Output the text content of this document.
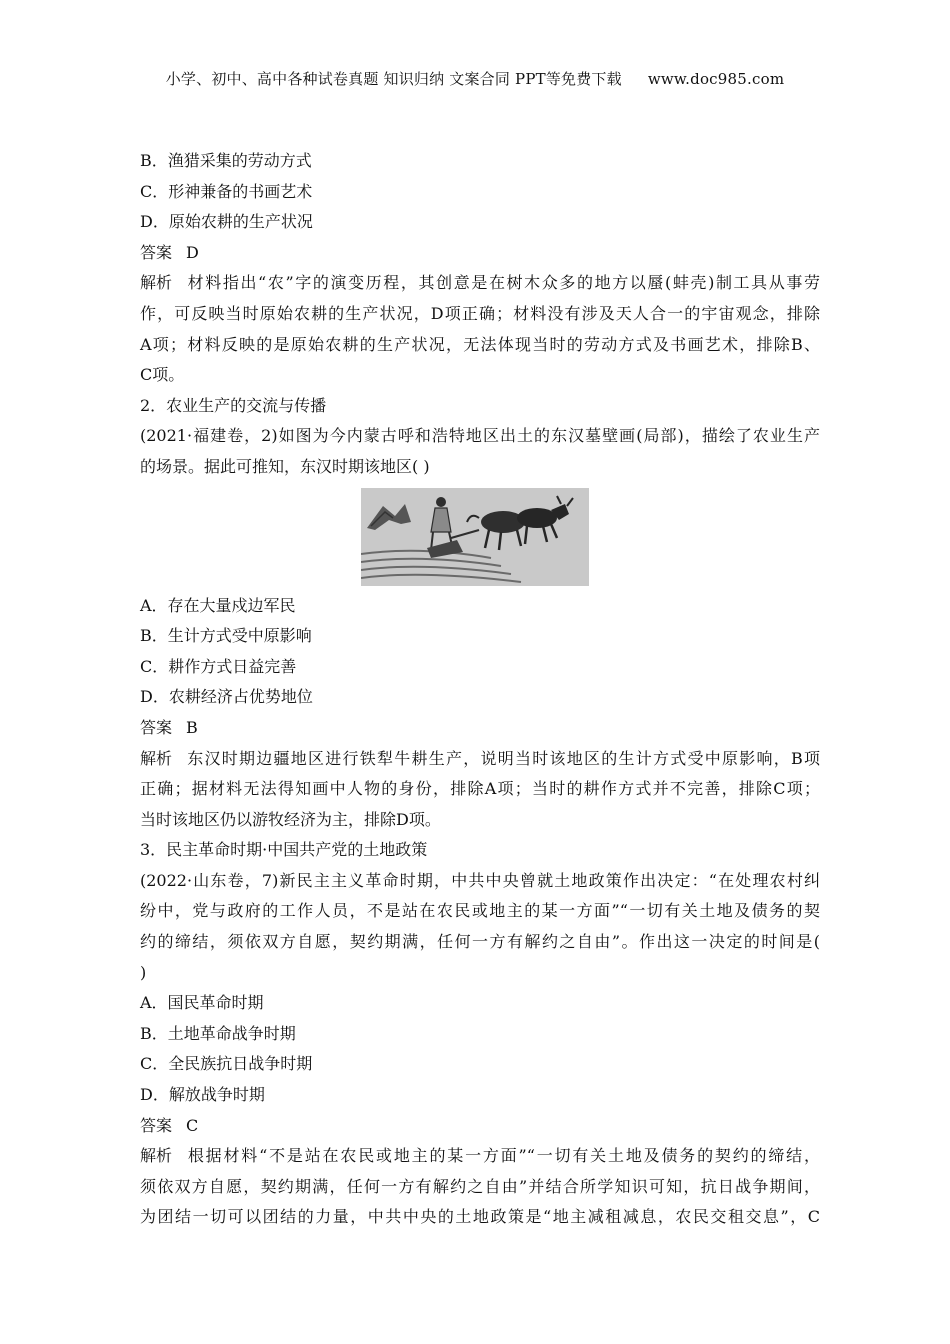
小学、初中、高中各种试卷真题 知识归纳 文案合同 PPT等免费下载 www.doc985.com
B．渔猎采集的劳动方式
C．形神兼备的书画艺术
D．原始农耕的生产状况
答案 D
解析 材料指出“农”字的演变历程，其创意是在树木众多的地方以蜃(蚌壳)制工具从事劳
作，可反映当时原始农耕的生产状况，D项正确；材料没有涉及天人合一的宇宙观念，排除
A项；材料反映的是原始农耕的生产状况，无法体现当时的劳动方式及书画艺术，排除B、
C项。
2．农业生产的交流与传播
(2021·福建卷，2)如图为今内蒙古呼和浩特地区出土的东汉墓壁画(局部)，描绘了农业生产
的场景。据此可推知，东汉时期该地区( )
A．存在大量戍边军民
B．生计方式受中原影响
C．耕作方式日益完善
D．农耕经济占优势地位
答案 B
解析 东汉时期边疆地区进行铁犁牛耕生产，说明当时该地区的生计方式受中原影响，B项
正确；据材料无法得知画中人物的身份，排除A项；当时的耕作方式并不完善，排除C项；
当时该地区仍以游牧经济为主，排除D项。
3．民主革命时期·中国共产党的土地政策
(2022·山东卷，7)新民主主义革命时期，中共中央曾就土地政策作出决定：“在处理农村纠
纷中，党与政府的工作人员，不是站在农民或地主的某一方面”“一切有关土地及债务的契
约的缔结，须依双方自愿，契约期满，任何一方有解约之自由”。作出这一决定的时间是(
)
A．国民革命时期
B．土地革命战争时期
C．全民族抗日战争时期
D．解放战争时期
答案 C
解析 根据材料“不是站在农民或地主的某一方面”“一切有关土地及债务的契约的缔结，
须依双方自愿，契约期满，任何一方有解约之自由”并结合所学知识可知，抗日战争期间，
为团结一切可以团结的力量，中共中央的土地政策是“地主减租减息，农民交租交息”，C
